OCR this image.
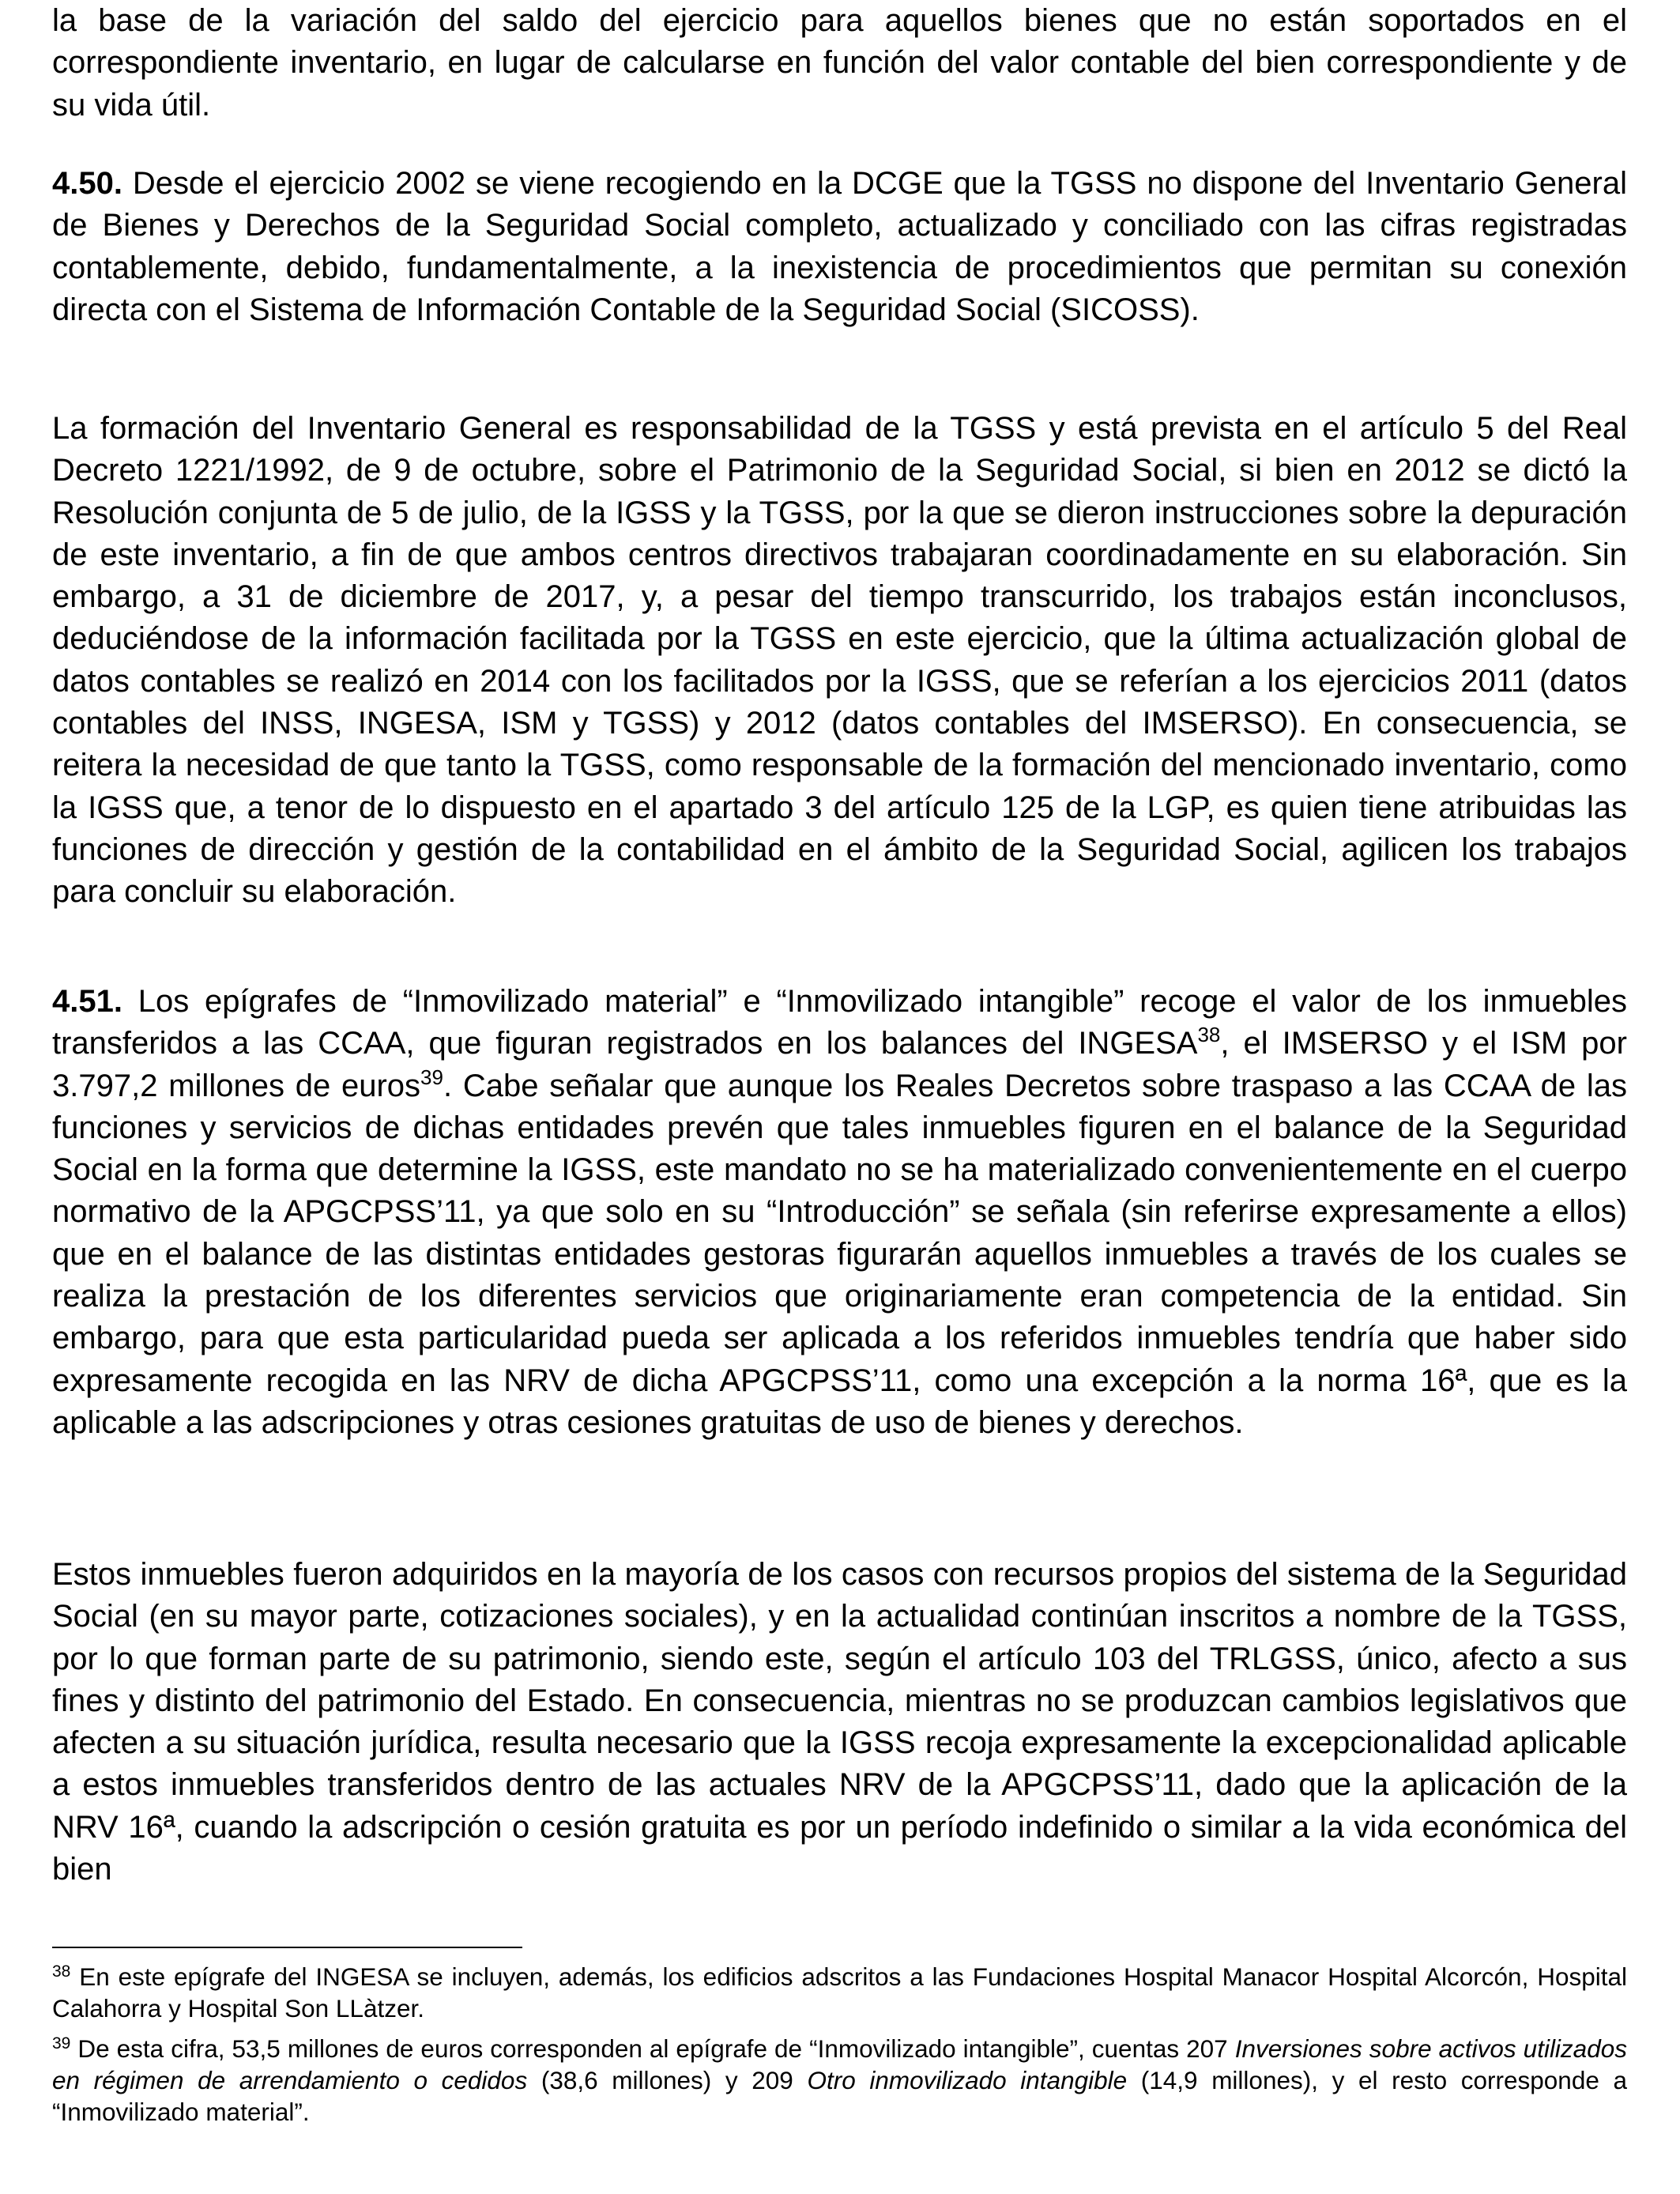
la base de la variación del saldo del ejercicio para aquellos bienes que no están soportados en el correspondiente inventario, en lugar de calcularse en función del valor contable del bien correspondiente y de su vida útil.

4.50. Desde el ejercicio 2002 se viene recogiendo en la DCGE que la TGSS no dispone del Inventario General de Bienes y Derechos de la Seguridad Social completo, actualizado y conciliado con las cifras registradas contablemente, debido, fundamentalmente, a la inexistencia de procedimientos que permitan su conexión directa con el Sistema de Información Contable de la Seguridad Social (SICOSS).

La formación del Inventario General es responsabilidad de la TGSS y está prevista en el artículo 5 del Real Decreto 1221/1992, de 9 de octubre, sobre el Patrimonio de la Seguridad Social, si bien en 2012 se dictó la Resolución conjunta de 5 de julio, de la IGSS y la TGSS, por la que se dieron instrucciones sobre la depuración de este inventario, a fin de que ambos centros directivos trabajaran coordinadamente en su elaboración. Sin embargo, a 31 de diciembre de 2017, y, a pesar del tiempo transcurrido, los trabajos están inconclusos, deduciéndose de la información facilitada por la TGSS en este ejercicio, que la última actualización global de datos contables se realizó en 2014 con los facilitados por la IGSS, que se referían a los ejercicios 2011 (datos contables del INSS, INGESA, ISM y TGSS) y 2012 (datos contables del IMSERSO). En consecuencia, se reitera la necesidad de que tanto la TGSS, como responsable de la formación del mencionado inventario, como la IGSS que, a tenor de lo dispuesto en el apartado 3 del artículo 125 de la LGP, es quien tiene atribuidas las funciones de dirección y gestión de la contabilidad en el ámbito de la Seguridad Social, agilicen los trabajos para concluir su elaboración.

4.51. Los epígrafes de “Inmovilizado material” e “Inmovilizado intangible” recoge el valor de los inmuebles transferidos a las CCAA, que figuran registrados en los balances del INGESA$^{38}$, el IMSERSO y el ISM por 3.797,2 millones de euros$^{39}$. Cabe señalar que aunque los Reales Decretos sobre traspaso a las CCAA de las funciones y servicios de dichas entidades prevén que tales inmuebles figuren en el balance de la Seguridad Social en la forma que determine la IGSS, este mandato no se ha materializado convenientemente en el cuerpo normativo de la APGCPSS’11, ya que solo en su “Introducción” se señala (sin referirse expresamente a ellos) que en el balance de las distintas entidades gestoras figurarán aquellos inmuebles a través de los cuales se realiza la prestación de los diferentes servicios que originariamente eran competencia de la entidad. Sin embargo, para que esta particularidad pueda ser aplicada a los referidos inmuebles tendría que haber sido expresamente recogida en las NRV de dicha APGCPSS’11, como una excepción a la norma 16ª, que es la aplicable a las adscripciones y otras cesiones gratuitas de uso de bienes y derechos.

Estos inmuebles fueron adquiridos en la mayoría de los casos con recursos propios del sistema de la Seguridad Social (en su mayor parte, cotizaciones sociales), y en la actualidad continúan inscritos a nombre de la TGSS, por lo que forman parte de su patrimonio, siendo este, según el artículo 103 del TRLGSS, único, afecto a sus fines y distinto del patrimonio del Estado. En consecuencia, mientras no se produzcan cambios legislativos que afecten a su situación jurídica, resulta necesario que la IGSS recoja expresamente la excepcionalidad aplicable a estos inmuebles transferidos dentro de las actuales NRV de la APGCPSS’11, dado que la aplicación de la NRV 16ª, cuando la adscripción o cesión gratuita es por un período indefinido o similar a la vida económica del bien

$^{38}$ En este epígrafe del INGESA se incluyen, además, los edificios adscritos a las Fundaciones Hospital Manacor Hospital Alcorcón, Hospital Calahorra y Hospital Son LLàtzer.

$^{39}$ De esta cifra, 53,5 millones de euros corresponden al epígrafe de “Inmovilizado intangible”, cuentas 207 Inversiones sobre activos utilizados en régimen de arrendamiento o cedidos (38,6 millones) y 209 Otro inmovilizado intangible (14,9 millones), y el resto corresponde a “Inmovilizado material”.
